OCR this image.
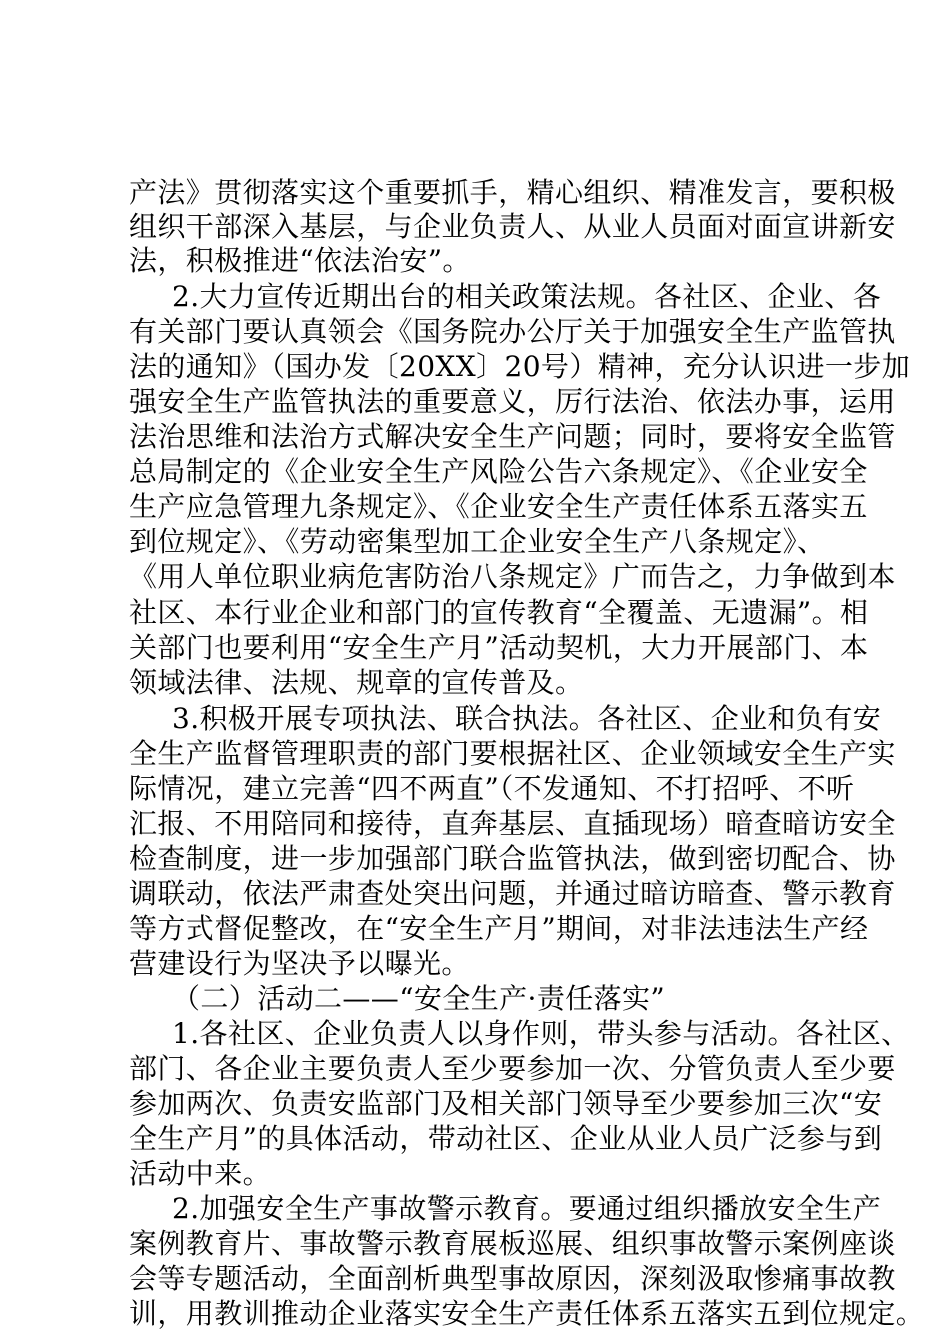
产法》贯彻落实这个重要抓手，精心组织、精准发言，要积极
组织干部深入基层，与企业负责人、从业人员面对面宣讲新安
法，积极推进“依法治安”。
2.大力宣传近期出台的相关政策法规。各社区、企业、各
有关部门要认真领会《国务院办公厅关于加强安全生产监管执
法的通知》（国办发〔20XX〕20号）精神，充分认识进一步加
强安全生产监管执法的重要意义，厉行法治、依法办事，运用
法治思维和法治方式解决安全生产问题；同时，要将安全监管
总局制定的《企业安全生产风险公告六条规定》、《企业安全
生产应急管理九条规定》、《企业安全生产责任体系五落实五
到位规定》、《劳动密集型加工企业安全生产八条规定》、
《用人单位职业病危害防治八条规定》广而告之，力争做到本
社区、本行业企业和部门的宣传教育“全覆盖、无遗漏”。相
关部门也要利用“安全生产月”活动契机，大力开展部门、本
领域法律、法规、规章的宣传普及。
3.积极开展专项执法、联合执法。各社区、企业和负有安
全生产监督管理职责的部门要根据社区、企业领域安全生产实
际情况，建立完善“四不两直”（不发通知、不打招呼、不听
汇报、不用陪同和接待，直奔基层、直插现场）暗查暗访安全
检查制度，进一步加强部门联合监管执法，做到密切配合、协
调联动，依法严肃查处突出问题，并通过暗访暗查、警示教育
等方式督促整改，在“安全生产月”期间，对非法违法生产经
营建设行为坚决予以曝光。
（二）活动二——“安全生产·责任落实”
1.各社区、企业负责人以身作则，带头参与活动。各社区、
部门、各企业主要负责人至少要参加一次、分管负责人至少要
参加两次、负责安监部门及相关部门领导至少要参加三次“安
全生产月”的具体活动，带动社区、企业从业人员广泛参与到
活动中来。
2.加强安全生产事故警示教育。要通过组织播放安全生产
案例教育片、事故警示教育展板巡展、组织事故警示案例座谈
会等专题活动，全面剖析典型事故原因，深刻汲取惨痛事故教
训，用教训推动企业落实安全生产责任体系五落实五到位规定。
